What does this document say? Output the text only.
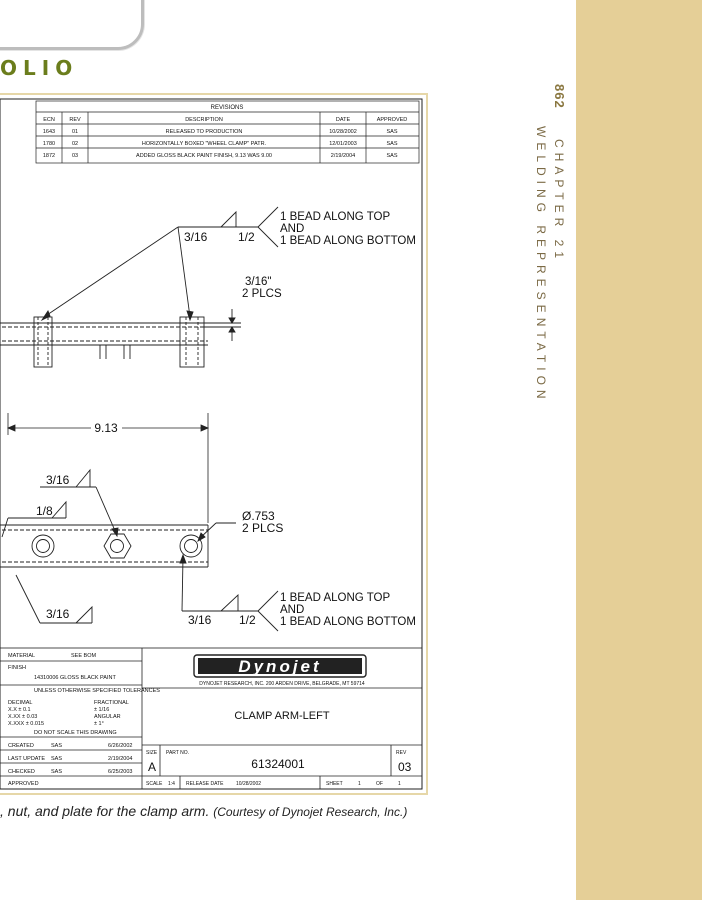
OLIO
862CHAPTER 21WELDING REPRESENTATION
REVISIONS
ECN	REV	DESCRIPTION	DATE	APPROVED
1643	01	RELEASED TO PRODUCTION	10/28/2002	SAS
1780	02	HORIZONTALLY BOXED "WHEEL CLAMP" PATR.	12/01/2003	SAS
1872	03	ADDED GLOSS BLACK PAINT FINISH, 9.13 WAS 9.00	2/19/2004	SAS
3/16	1/2
1 BEAD ALONG TOP
AND
1 BEAD ALONG BOTTOM
3/16"
2 PLCS
9.13
3/16
1/8	Ø.753
2 PLCS
3/16	3/16 1/2
1 BEAD ALONG TOP
AND
1 BEAD ALONG BOTTOM
MATERIAL	SEE BOM
FINISH
14310006 GLOSS BLACK PAINT
UNLESS OTHERWISE SPECIFIED TOLERANCES
DECIMAL
X.X ± 0.1
X.XX ± 0.03
X.XXX ± 0.015
FRACTIONAL
± 1/16
ANGULAR
± 1°
DO NOT SCALE THIS DRAWING
CREATED	SAS	6/26/2002
LAST UPDATE SAS	2/19/2004
CHECKED	SAS	6/25/2003
APPROVED
Dynojet
DYNOJET RESEARCH, INC. 200 ARDEN DRIVE, BELGRADE, MT 59714
CLAMP ARM-LEFT
SIZE
A
PART NO.
61324001
REV
03
SCALE 1:4 RELEASE DATE	10/28/2002	SHEET	1	OF	1
, nut, and plate for the clamp arm. (Courtesy of Dynojet Research, Inc.)
